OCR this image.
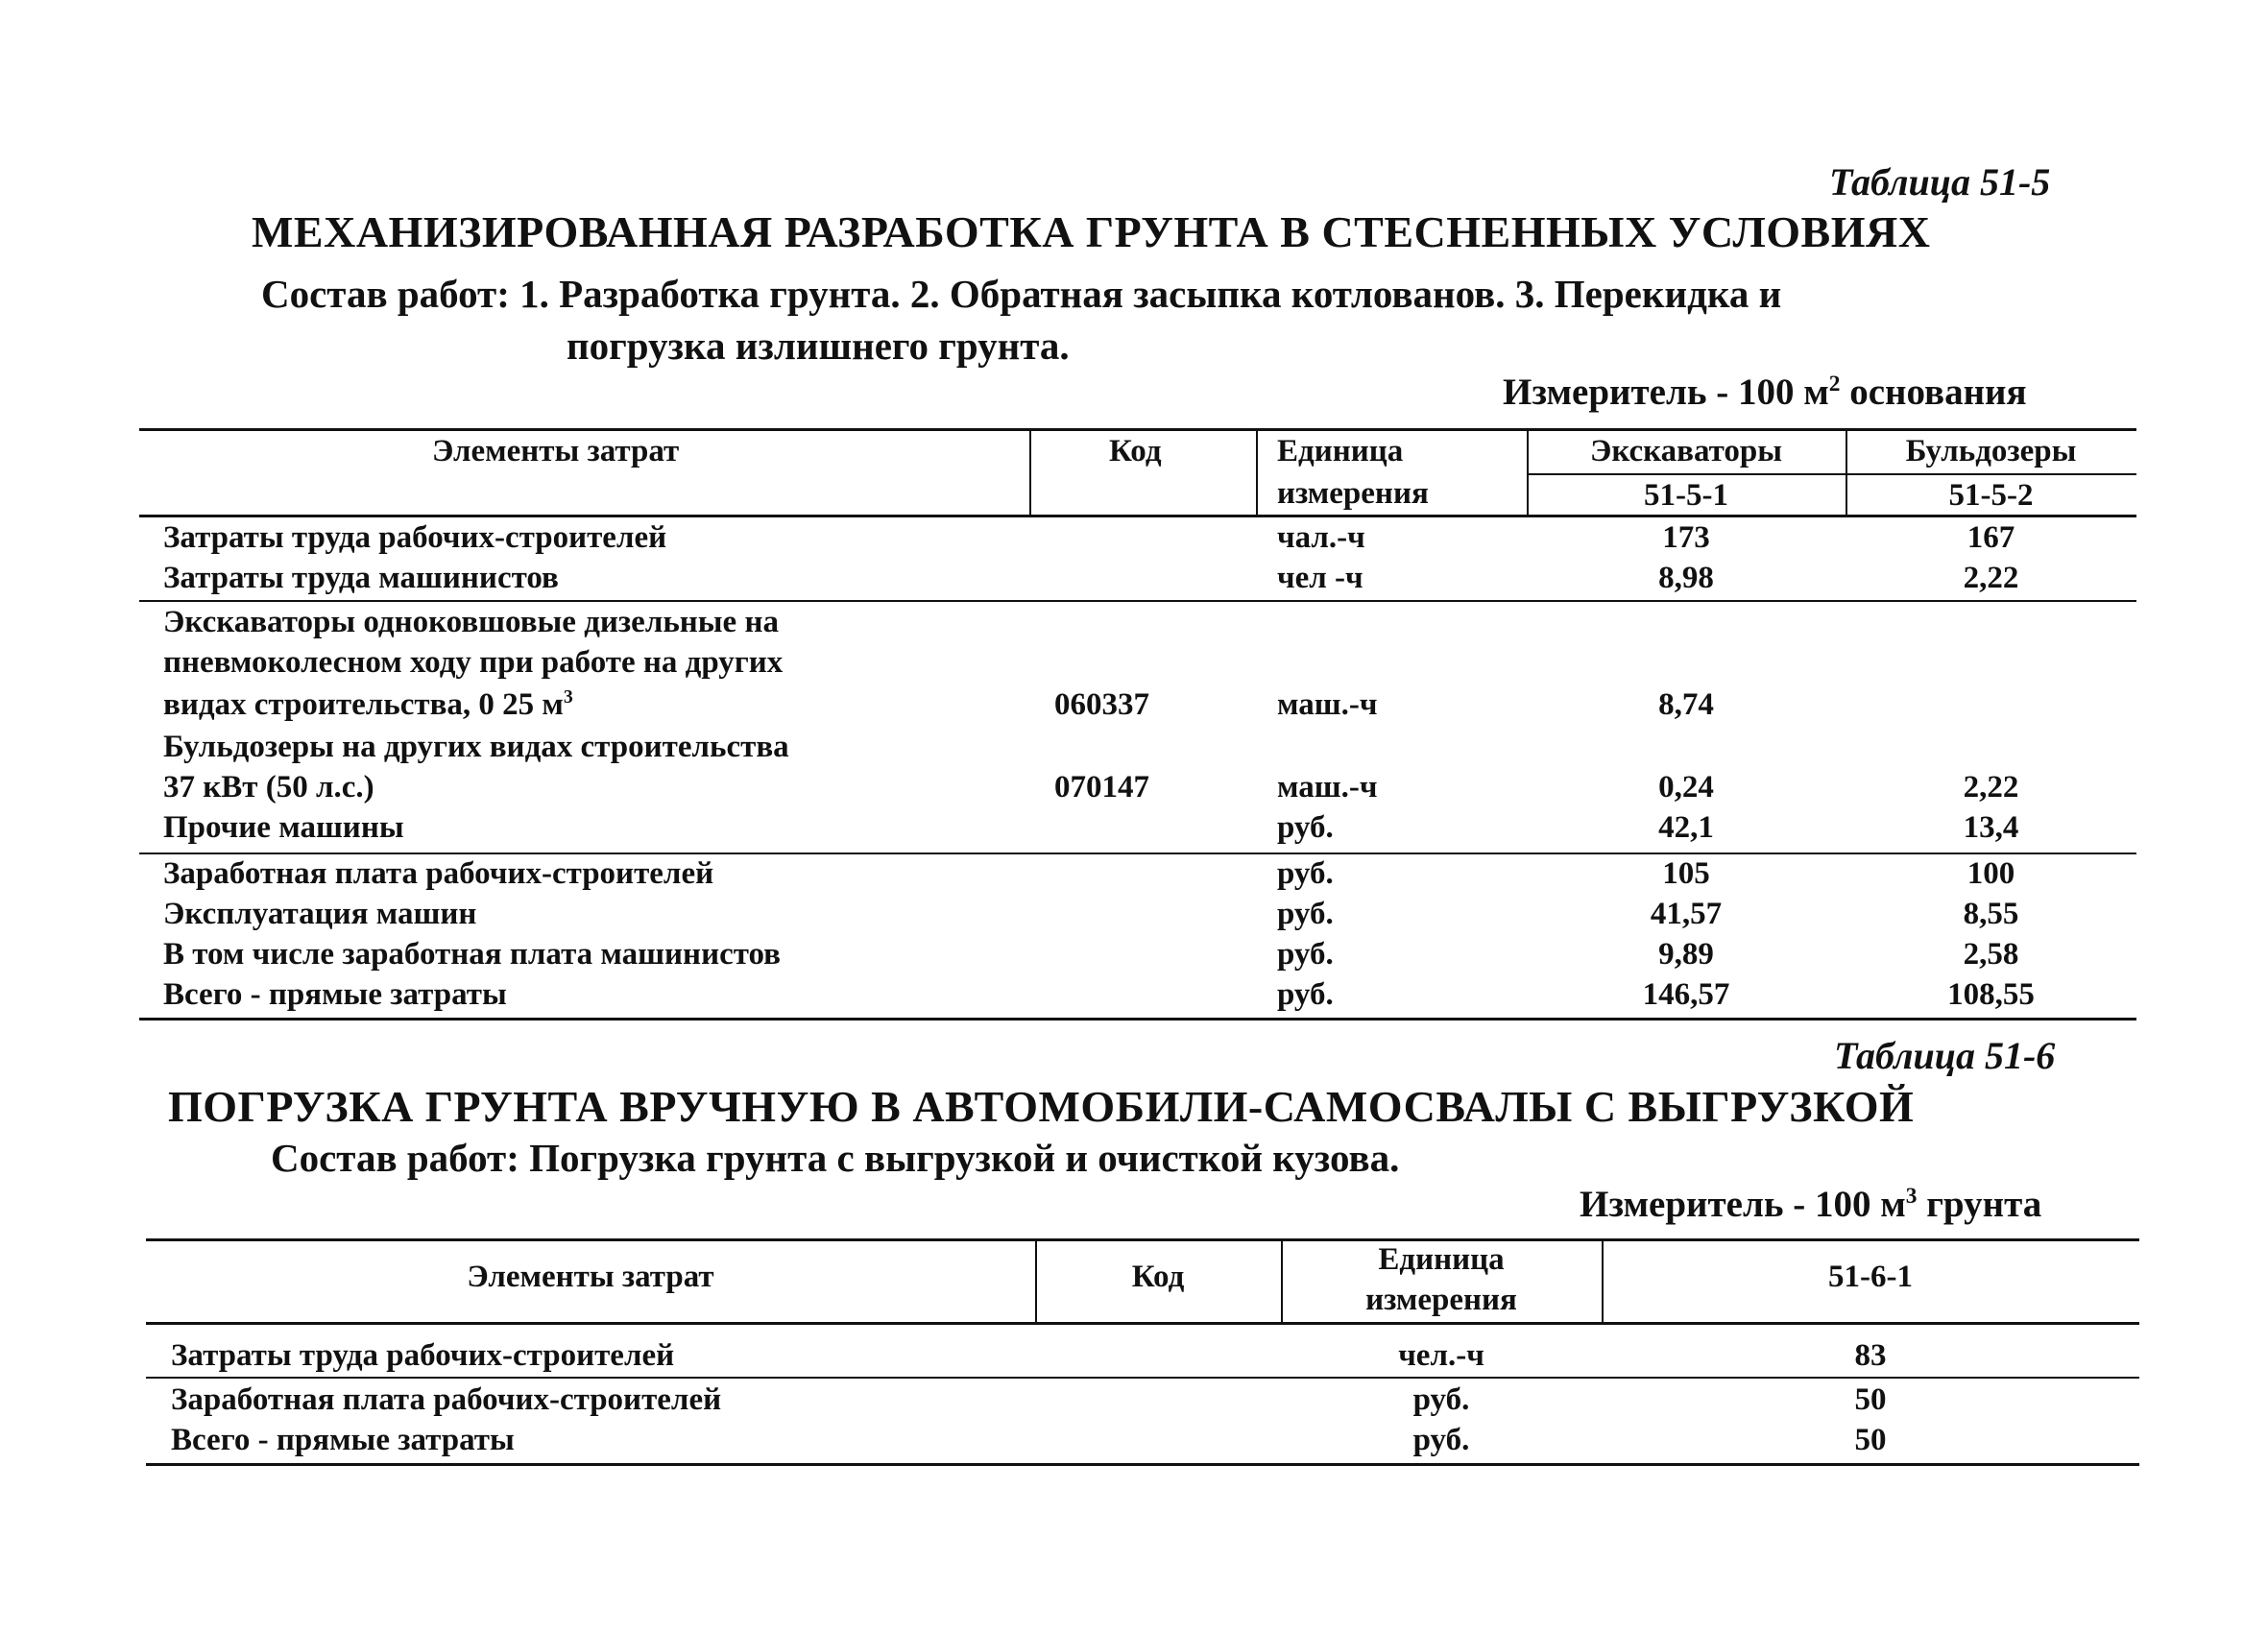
Таблица 51-5
МЕХАНИЗИРОВАННАЯ РАЗРАБОТКА ГРУНТА В СТЕСНЕННЫХ УСЛОВИЯХ
Состав работ: 1. Разработка грунта. 2. Обратная засыпка котлованов. 3. Перекидка и
погрузка излишнего грунта.
Измеритель - 100 $м^2$ основания
Элементы затрат	Код	Единица
измерения
Экскаваторы	Бульдозеры
51-5-1	51-5-2
Затраты труда рабочих-строителей	чал.-ч	173	167
Затраты труда машинистов	чел -ч	8,98	2,22
Экскаваторы одноковшовые дизельные на
пневмоколесном ходу при работе на других
видах строительства, 0 25 $м^3$	060337	маш.-ч	8,74
Бульдозеры на других видах строительства
37 кВт (50 л.с.)	070147	маш.-ч	0,24	2,22
Прочие машины	руб.	42,1	13,4
Заработная плата рабочих-строителей	руб.	105	100
Эксплуатация машин	руб.	41,57	8,55
В том числе заработная плата машинистов	руб.	9,89	2,58
Всего - прямые затраты	руб.	146,57	108,55
Таблица 51-6
ПОГРУЗКА ГРУНТА ВРУЧНУЮ В АВТОМОБИЛИ-САМОСВАЛЫ С ВЫГРУЗКОЙ
Состав работ: Погрузка грунта с выгрузкой и очисткой кузова.
Измеритель - 100 $м^3$ грунта
Элементы затрат	Код	Единица
измерения
51-6-1
Затраты труда рабочих-строителей	чел.-ч	83
Заработная плата рабочих-строителей	руб.	50
Всего - прямые затраты	руб.	50
